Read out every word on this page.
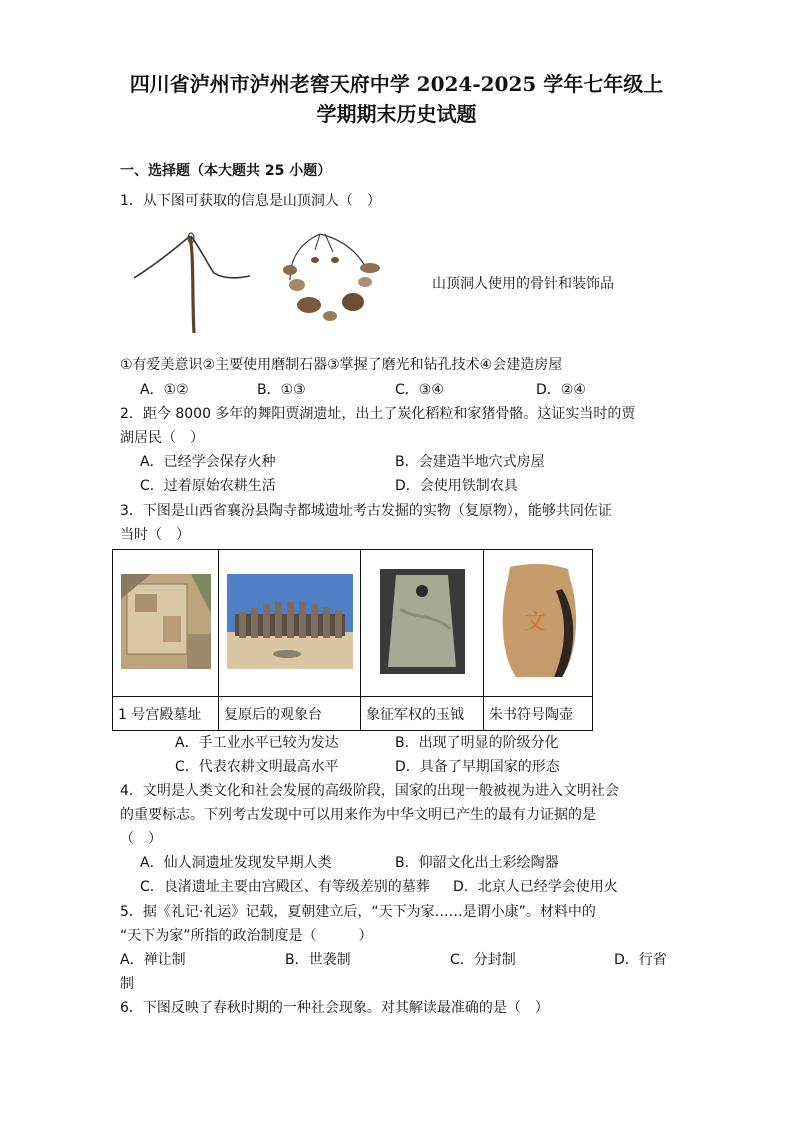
四川省泸州市泸州老窖天府中学 2024-2025 学年七年级上
学期期末历史试题
一、选择题（本大题共 25 小题）
1．从下图可获取的信息是山顶洞人（　）
山顶洞人使用的骨针和装饰品
①有爱美意识②主要使用磨制石器③掌握了磨光和钻孔技术④会建造房屋
A．①②	B．①③	C．③④	D．②④
2．距今 8000 多年的舞阳贾湖遗址，出土了炭化稻粒和家猪骨骼。这证实当时的贾
湖居民（　）
A．已经学会保存火种	B．会建造半地穴式房屋
C．过着原始农耕生活	D．会使用铁制农具
3．下图是山西省襄汾县陶寺都城遗址考古发掘的实物（复原物），能够共同佐证
当时（　）

文

1 号宫殿墓址	复原后的观象台	象征军权的玉钺	朱书符号陶壶
A．手工业水平已较为发达	B．出现了明显的阶级分化
C．代表农耕文明最高水平	D．具备了早期国家的形态
4．文明是人类文化和社会发展的高级阶段，国家的出现一般被视为进入文明社会
的重要标志。下列考古发现中可以用来作为中华文明已产生的最有力证据的是
（　）
A．仙人洞遗址发现发早期人类	B．仰韶文化出土彩绘陶器
C．良渚遗址主要由宫殿区、有等级差别的墓葬 D．北京人已经学会使用火
5．据《礼记·礼运》记载，夏朝建立后，“天下为家……是谓小康”。材料中的
“天下为家”所指的政治制度是（　　　）
A．禅让制	B．世袭制	C．分封制	D．行省
制
6．下图反映了春秋时期的一种社会现象。对其解读最准确的是（　）
